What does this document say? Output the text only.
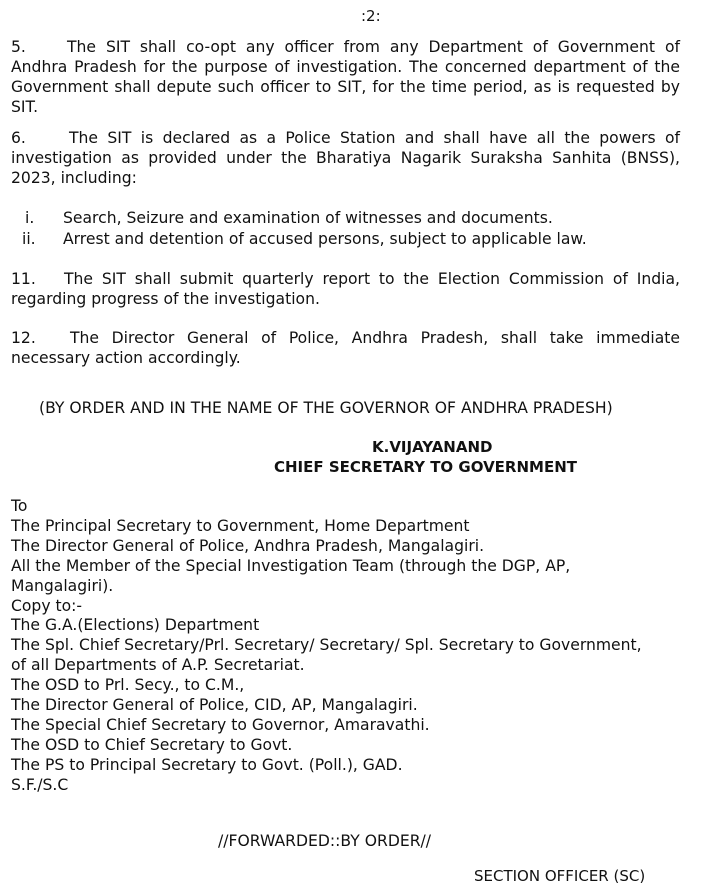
:2:
5.	The SIT shall co-opt any officer from any Department of Government of Andhra Pradesh for the purpose of investigation. The concerned department of the Government shall depute such officer to SIT, for the time period, as is requested by SIT.
6.	The SIT is declared as a Police Station and shall have all the powers of investigation as provided under the Bharatiya Nagarik Suraksha Sanhita (BNSS), 2023, including:
i.	Search, Seizure and examination of witnesses and documents.
ii.	Arrest and detention of accused persons, subject to applicable law.
11. The SIT shall submit quarterly report to the Election Commission of India, regarding progress of the investigation.
12. The Director General of Police, Andhra Pradesh, shall take immediate necessary action accordingly.
(BY ORDER AND IN THE NAME OF THE GOVERNOR OF ANDHRA PRADESH)
K.VIJAYANAND
CHIEF SECRETARY TO GOVERNMENT
To
The Principal Secretary to Government, Home Department
The Director General of Police, Andhra Pradesh, Mangalagiri.
All the Member of the Special Investigation Team (through the DGP, AP, Mangalagiri).
Copy to:-
The G.A.(Elections) Department
The Spl. Chief Secretary/Prl. Secretary/ Secretary/ Spl. Secretary to Government, of all Departments of A.P. Secretariat.
The OSD to Prl. Secy., to C.M.,
The Director General of Police, CID, AP, Mangalagiri.
The Special Chief Secretary to Governor, Amaravathi.
The OSD to Chief Secretary to Govt.
The PS to Principal Secretary to Govt. (Poll.), GAD.
S.F./S.C
//FORWARDED::BY ORDER//
SECTION OFFICER (SC)
